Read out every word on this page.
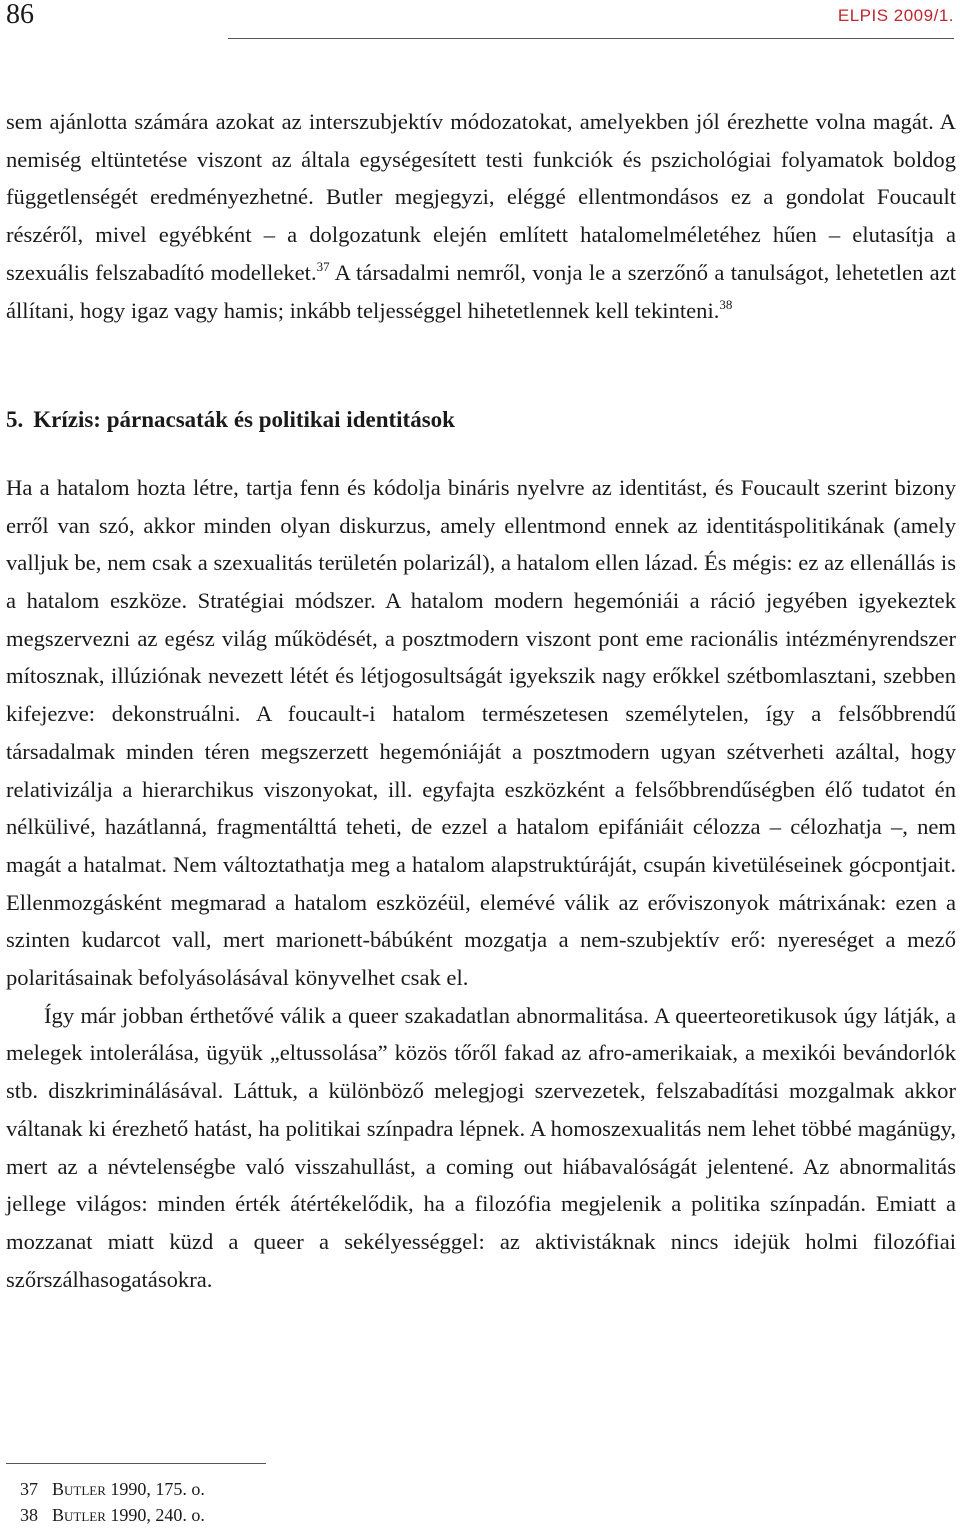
86	ELPIS 2009/1.

sem ajánlotta számára azokat az interszubjektív módozatokat, amelyekben jól érezhette volna magát. A nemiség eltüntetése viszont az általa egységesített testi funkciók és pszichológiai folyamatok boldog függetlenségét eredményezhetné. Butler megjegyzi, eléggé ellentmondásos ez a gondolat Foucault részéről, mivel egyébként – a dolgozatunk elején említett hatalomelméletéhez hűen – elutasítja a szexuális felszabadító modelleket.$^{37}$ A társadalmi nemről, vonja le a szerzőnő a tanulságot, lehetetlen azt állítani, hogy igaz vagy hamis; inkább teljességgel hihetetlennek kell tekinteni.$^{38}$

5. Krízis: párnacsaták és politikai identitások

Ha a hatalom hozta létre, tartja fenn és kódolja bináris nyelvre az identitást, és Foucault szerint bizony erről van szó, akkor minden olyan diskurzus, amely ellentmond ennek az identitáspolitikának (amely valljuk be, nem csak a szexualitás területén polarizál), a hatalom ellen lázad. És mégis: ez az ellenállás is a hatalom eszköze. Stratégiai módszer. A hatalom modern hegemóniái a ráció jegyében igyekeztek megszervezni az egész világ működését, a posztmodern viszont pont eme racionális intézményrendszer mítosznak, illúziónak nevezett létét és létjogosultságát igyekszik nagy erőkkel szétbomlasztani, szebben kifejezve: dekonstruálni. A foucault-i hatalom természetesen személytelen, így a felsőbbrendű társadalmak minden téren megszerzett hegemóniáját a posztmodern ugyan szétverheti azáltal, hogy relativizálja a hierarchikus viszonyokat, ill. egyfajta eszközként a felsőbbrendűségben élő tudatot én nélkülivé, hazátlanná, fragmentálttá teheti, de ezzel a hatalom epifániáit célozza – célozhatja –, nem magát a hatalmat. Nem változtathatja meg a hatalom alapstruktúráját, csupán kivetüléseinek gócpontjait. Ellenmozgásként megmarad a hatalom eszközéül, elemévé válik az erőviszonyok mátrixának: ezen a szinten kudarcot vall, mert marionett-bábúként mozgatja a nem-szubjektív erő: nyereséget a mező polaritásainak befolyásolásával könyvelhet csak el.

Így már jobban érthetővé válik a queer szakadatlan abnormalitása. A queerteoretikusok úgy látják, a melegek intolerálása, ügyük „eltussolása” közös tőről fakad az afro-amerikaiak, a mexikói bevándorlók stb. diszkriminálásával. Láttuk, a különböző melegjogi szervezetek, felszabadítási mozgalmak akkor váltanak ki érezhető hatást, ha politikai színpadra lépnek. A homoszexualitás nem lehet többé magánügy, mert az a névtelenségbe való visszahullást, a coming out hiábavalóságát jelentené. Az abnormalitás jellege világos: minden érték átértékelődik, ha a filozófia megjelenik a politika színpadán. Emiatt a mozzanat miatt küzd a queer a sekélyességgel: az aktivistáknak nincs idejük holmi filozófiai szőrszálhasogatásokra.

37 Butler 1990, 175. o.
38 Butler 1990, 240. o.
